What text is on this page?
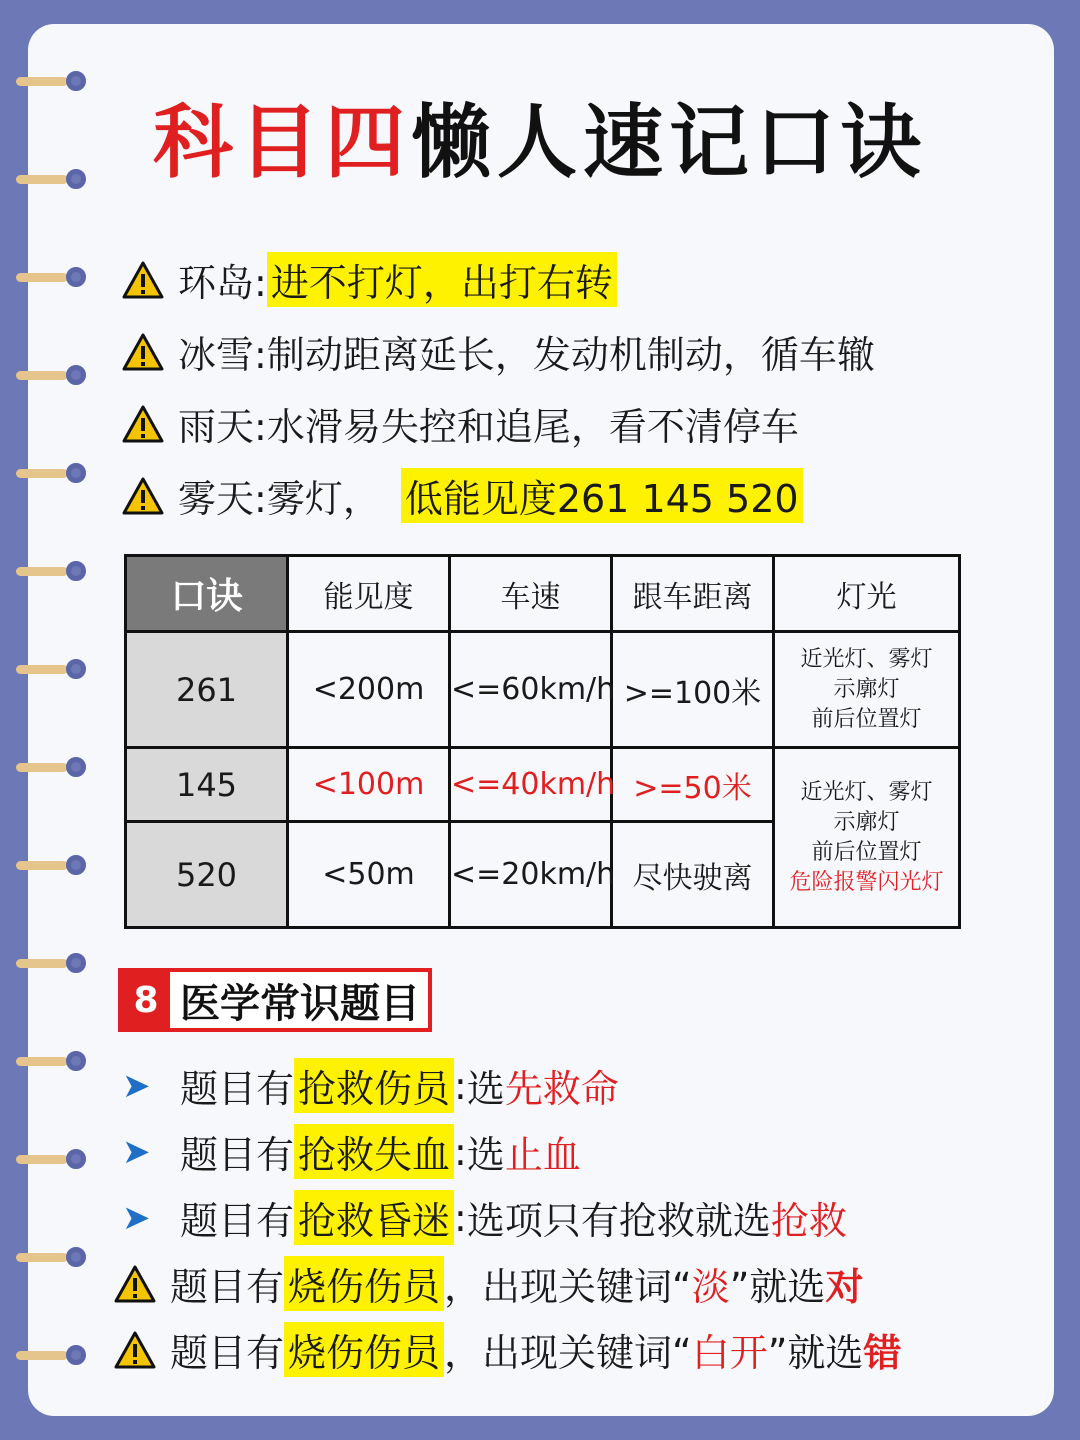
科目四懒人速记口诀
环岛: 进不打灯，出打右转
冰雪: 制动距离延长，发动机制动，循车辙
雨天: 水滑易失控和追尾，看不清停车
雾天: 雾灯， 低能见度261 145 520
口诀	能见度	车速	跟车距离	灯光
261	<200m	<=60km/h	>=100米	近光灯、雾灯
示廓灯
前后位置灯

145	<100m	<=40km/h	>=50米	近光灯、雾灯
示廓灯
前后位置灯
危险报警闪光灯

520	<50m	<=20km/h	尽快驶离	
8 医学常识题目
➤ 题目有 抢救伤员 : 选 先救命
➤ 题目有 抢救失血 : 选 止血
➤ 题目有 抢救昏迷 : 选项只有抢救就选 抢救
题目有 烧伤伤员 ， 出现关键词“ 淡 ”就选 对
题目有 烧伤伤员 ， 出现关键词“ 白开 ”就选 错
